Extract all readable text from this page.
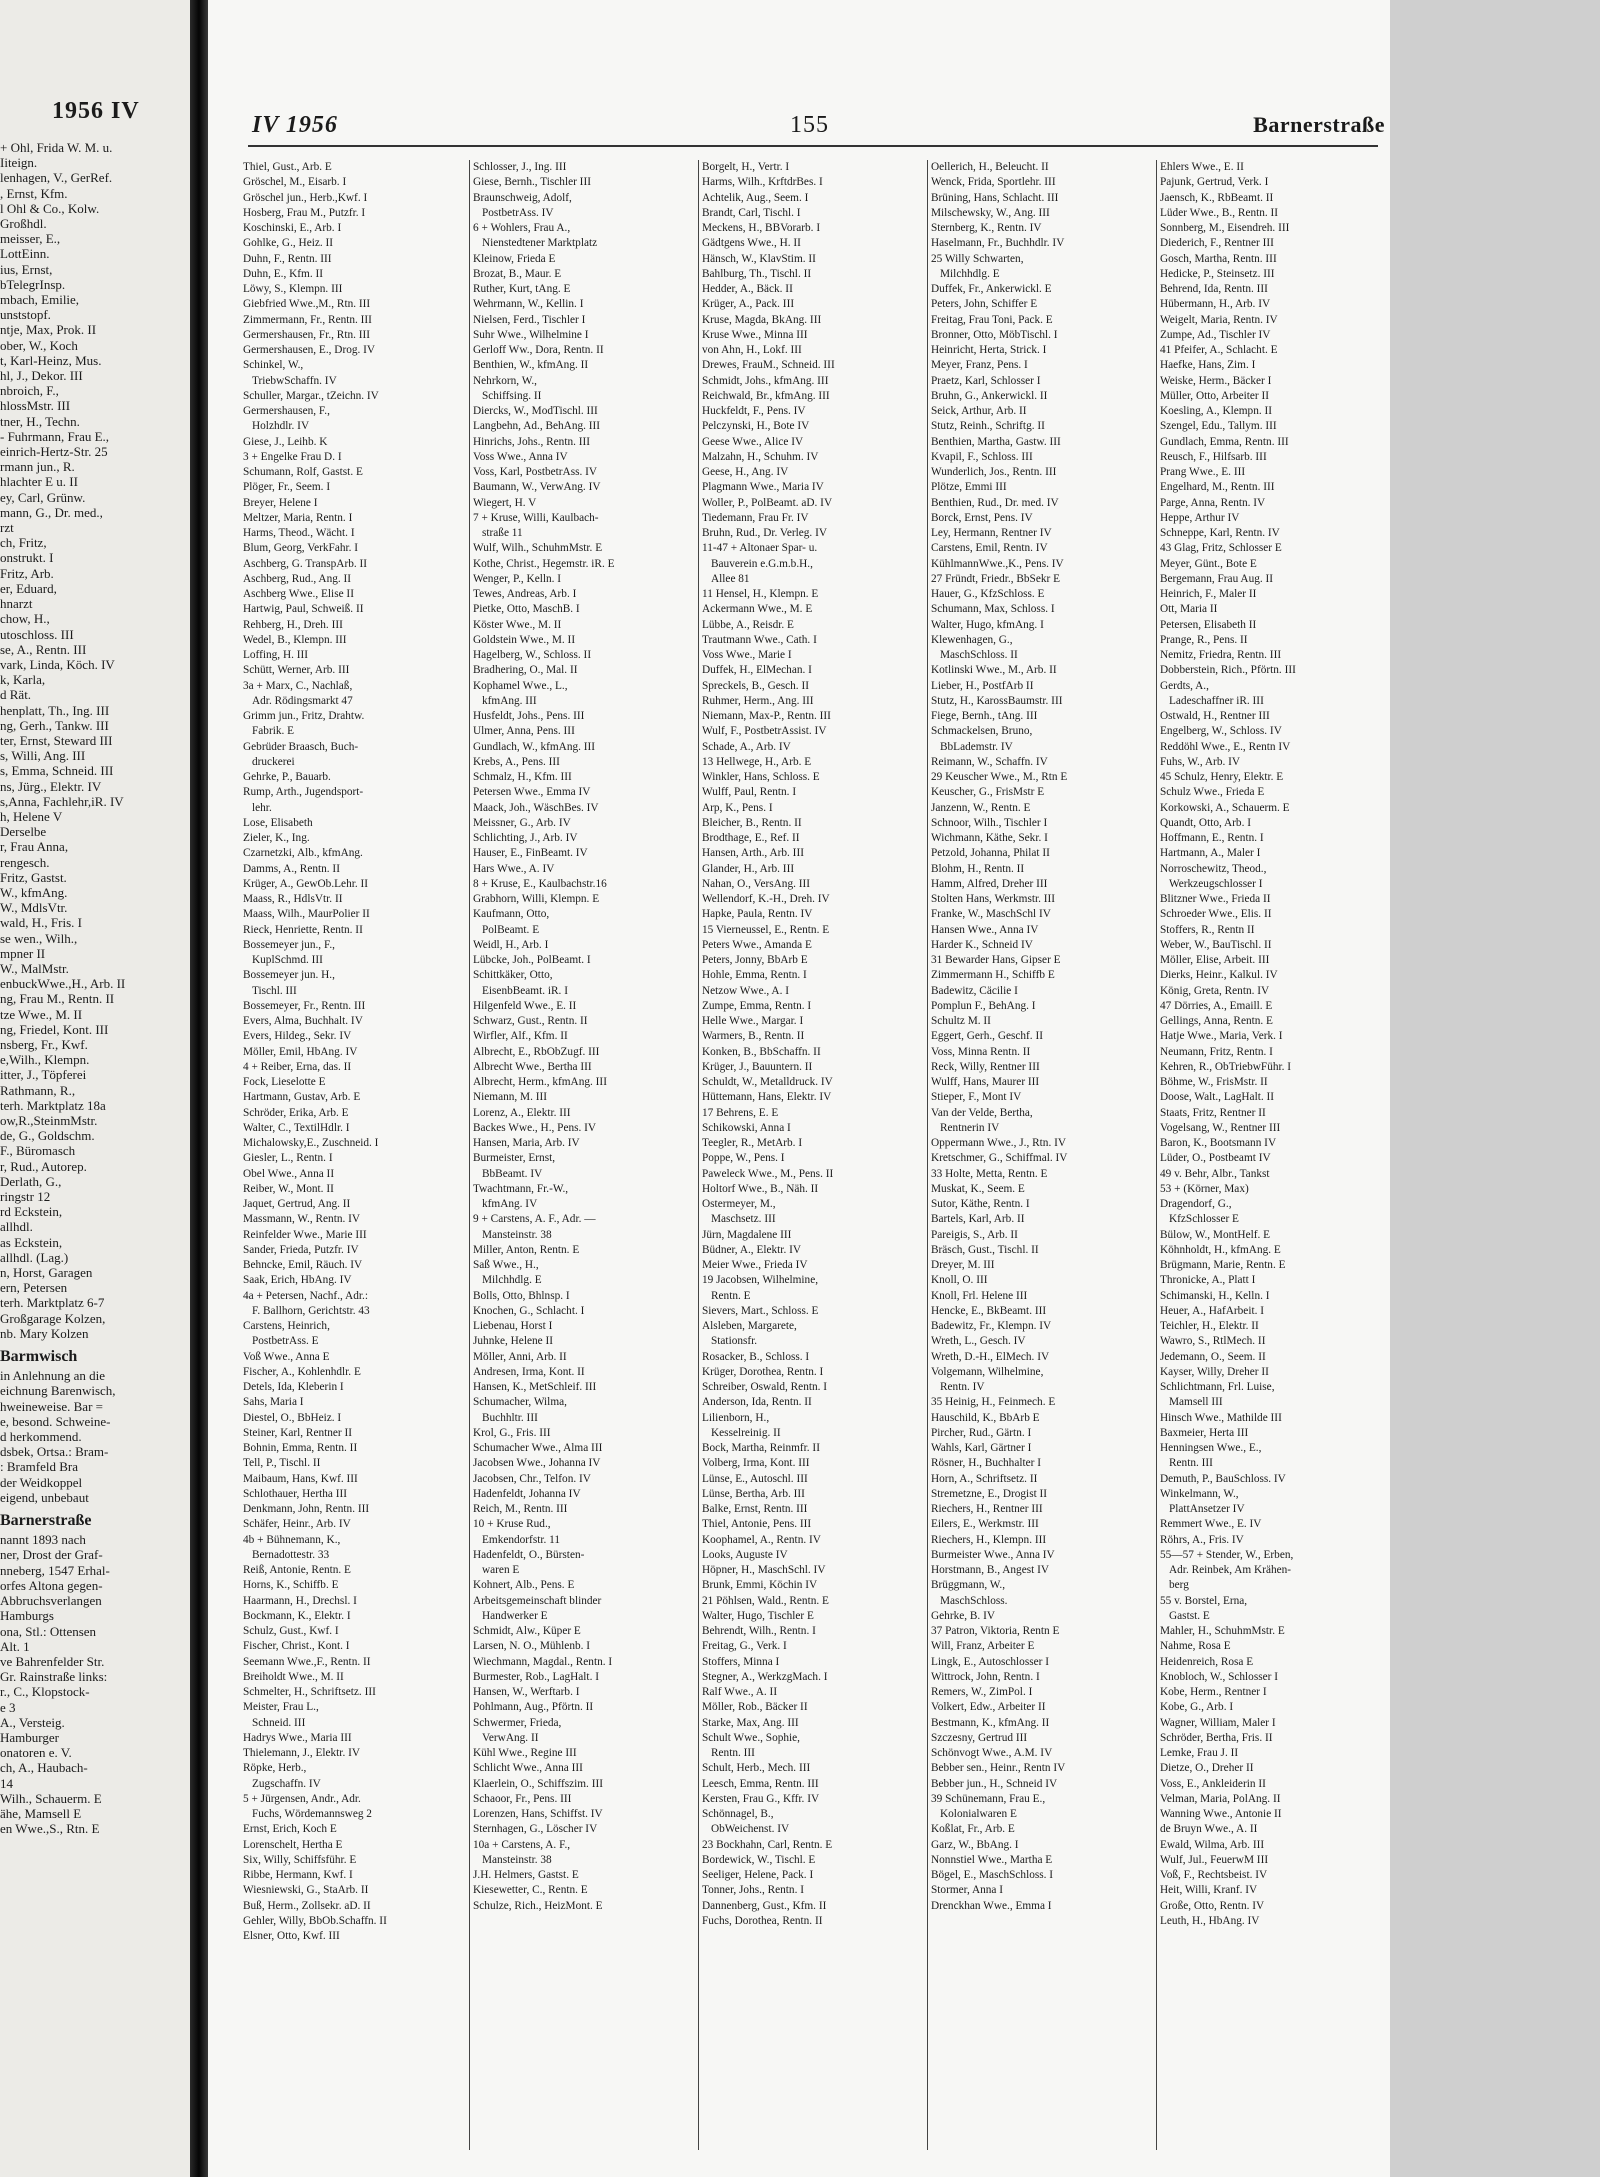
1956 IV
+ Ohl, Frida W. M. u.
Iiteign.
lenhagen, V., GerRef.
, Ernst, Kfm.
l Ohl & Co., Kolw.
Großhdl.
meisser, E.,
LottEinn.
ius, Ernst,
bTelegrInsp.
mbach, Emilie,
unststopf.
ntje, Max, Prok. II
ober, W., Koch
t, Karl-Heinz, Mus.
hl, J., Dekor. III
nbroich, F.,
hlossMstr. III
tner, H., Techn.
- Fuhrmann, Frau E.,
einrich-Hertz-Str. 25
rmann jun., R.
hlachter E u. II
ey, Carl, Grünw.
mann, G., Dr. med.,
rzt
ch, Fritz,
onstrukt. I
Fritz, Arb.
er, Eduard,
hnarzt
chow, H.,
utoschloss. III
se, A., Rentn. III
vark, Linda, Köch. IV
k, Karla,
d Rät.
henplatt, Th., Ing. III
ng, Gerh., Tankw. III
ter, Ernst, Steward III
s, Willi, Ang. III
s, Emma, Schneid. III
ns, Jürg., Elektr. IV
s,Anna, Fachlehr,iR. IV
h, Helene V
Derselbe
r, Frau Anna,
rengesch.
Fritz, Gastst.
W., kfmAng.
W., MdlsVtr.
wald, H., Fris. I
se wen., Wilh.,
mpner II
W., MalMstr.
enbuckWwe.,H., Arb. II
ng, Frau M., Rentn. II
tze Wwe., M. II
ng, Friedel, Kont. III
nsberg, Fr., Kwf.
e,Wilh., Klempn.
itter, J., Töpferei
Rathmann, R.,
terh. Marktplatz 18a
ow,R.,SteinmMstr.
de, G., Goldschm.
F., Büromasch
r, Rud., Autorep.
Derlath, G.,
ringstr 12
rd Eckstein,
allhdl.
as Eckstein,
allhdl. (Lag.)
n, Horst, Garagen
ern, Petersen
terh. Marktplatz 6-7
Großgarage Kolzen,
nb. Mary Kolzen
Barmwisch
in Anlehnung an die
eichnung Barenwisch,
hweineweise. Bar =
e, besond. Schweine-
d herkommend.
dsbek, Ortsa.: Bram-
: Bramfeld Bra
der Weidkoppel
eigend, unbebaut
Barnerstraße
nannt 1893 nach
ner, Drost der Graf-
nneberg, 1547 Erhal-
orfes Altona gegen-
Abbruchsverlangen
Hamburgs
ona, Stl.: Ottensen
Alt. 1
ve Bahrenfelder Str.
Gr. Rainstraße links:
r., C., Klopstock-
e 3
A., Versteig.
Hamburger
onatoren e. V.
ch, A., Haubach-
14
Wilh., Schauerm. E
ähe, Mamsell E
en Wwe.,S., Rtn. E
IV 1956	155	Barnerstraße
Thiel, Gust., Arb. E
Gröschel, M., Eisarb. I
Gröschel jun., Herb.,Kwf. I
Hosberg, Frau M., Putzfr. I
Koschinski, E., Arb. I
Gohlke, G., Heiz. II
Duhn, F., Rentn. III
Duhn, E., Kfm. II
Löwy, S., Klempn. III
Giebfried Wwe.,M., Rtn. III
Zimmermann, Fr., Rentn. III
Germershausen, Fr., Rtn. III
Germershausen, E., Drog. IV
Schinkel, W.,
TriebwSchaffn. IV
Schuller, Margar., tZeichn. IV
Germershausen, F.,
Holzhdlr. IV
Giese, J., Leihb. K
3 + Engelke Frau D. I
Schumann, Rolf, Gastst. E
Plöger, Fr., Seem. I
Breyer, Helene I
Meltzer, Maria, Rentn. I
Harms, Theod., Wächt. I
Blum, Georg, VerkFahr. I
Aschberg, G. TranspArb. II
Aschberg, Rud., Ang. II
Aschberg Wwe., Elise II
Hartwig, Paul, Schweiß. II
Rehberg, H., Dreh. III
Wedel, B., Klempn. III
Loffing, H. III
Schütt, Werner, Arb. III
3a + Marx, C., Nachlaß,
Adr. Rödingsmarkt 47
Grimm jun., Fritz, Drahtw.
Fabrik. E
Gebrüder Braasch, Buch-
druckerei
Gehrke, P., Bauarb.
Rump, Arth., Jugendsport-
lehr.
Lose, Elisabeth
Zieler, K., Ing.
Czarnetzki, Alb., kfmAng.
Damms, A., Rentn. II
Krüger, A., GewOb.Lehr. II
Maass, R., HdlsVtr. II
Maass, Wilh., MaurPolier II
Rieck, Henriette, Rentn. II
Bossemeyer jun., F.,
KuplSchmd. III
Bossemeyer jun. H.,
Tischl. III
Bossemeyer, Fr., Rentn. III
Evers, Alma, Buchhalt. IV
Evers, Hildeg., Sekr. IV
Möller, Emil, HbAng. IV
4 + Reiber, Erna, das. II
Fock, Lieselotte E
Hartmann, Gustav, Arb. E
Schröder, Erika, Arb. E
Walter, C., TextilHdlr. I
Michalowsky,E., Zuschneid. I
Giesler, L., Rentn. I
Obel Wwe., Anna II
Reiber, W., Mont. II
Jaquet, Gertrud, Ang. II
Massmann, W., Rentn. IV
Reinfelder Wwe., Marie III
Sander, Frieda, Putzfr. IV
Behncke, Emil, Räuch. IV
Saak, Erich, HbAng. IV
4a + Petersen, Nachf., Adr.:
F. Ballhorn, Gerichtstr. 43
Carstens, Heinrich,
PostbetrAss. E
Voß Wwe., Anna E
Fischer, A., Kohlenhdlr. E
Detels, Ida, Kleberin I
Sahs, Maria I
Diestel, O., BbHeiz. I
Steiner, Karl, Rentner II
Bohnin, Emma, Rentn. II
Tell, P., Tischl. II
Maibaum, Hans, Kwf. III
Schlothauer, Hertha III
Denkmann, John, Rentn. III
Schäfer, Heinr., Arb. IV
4b + Bühnemann, K.,
Bernadottestr. 33
Reiß, Antonie, Rentn. E
Horns, K., Schiffb. E
Haarmann, H., Drechsl. I
Bockmann, K., Elektr. I
Schulz, Gust., Kwf. I
Fischer, Christ., Kont. I
Seemann Wwe.,F., Rentn. II
Breiholdt Wwe., M. II
Schmelter, H., Schriftsetz. III
Meister, Frau L.,
Schneid. III
Hadrys Wwe., Maria III
Thielemann, J., Elektr. IV
Röpke, Herb.,
Zugschaffn. IV
5 + Jürgensen, Andr., Adr.
Fuchs, Wördemannsweg 2
Ernst, Erich, Koch E
Lorenschelt, Hertha E
Six, Willy, Schiffsführ. E
Ribbe, Hermann, Kwf. I
Wiesniewski, G., StaArb. II
Buß, Herm., Zollsekr. aD. II
Gehler, Willy, BbOb.Schaffn. II
Elsner, Otto, Kwf. III
Schlosser, J., Ing. III
Giese, Bernh., Tischler III
Braunschweig, Adolf,
PostbetrAss. IV
6 + Wohlers, Frau A.,
Nienstedtener Marktplatz
Kleinow, Frieda E
Brozat, B., Maur. E
Ruther, Kurt, tAng. E
Wehrmann, W., Kellin. I
Nielsen, Ferd., Tischler I
Suhr Wwe., Wilhelmine I
Gerloff Ww., Dora, Rentn. II
Benthien, W., kfmAng. II
Nehrkorn, W.,
Schiffsing. II
Diercks, W., ModTischl. III
Langbehn, Ad., BehAng. III
Hinrichs, Johs., Rentn. III
Voss Wwe., Anna IV
Voss, Karl, PostbetrAss. IV
Baumann, W., VerwAng. IV
Wiegert, H. V
7 + Kruse, Willi, Kaulbach-
straße 11
Wulf, Wilh., SchuhmMstr. E
Kothe, Christ., Hegemstr. iR. E
Wenger, P., Kelln. I
Tewes, Andreas, Arb. I
Pietke, Otto, MaschB. I
Köster Wwe., M. II
Goldstein Wwe., M. II
Hagelberg, W., Schloss. II
Bradhering, O., Mal. II
Kophamel Wwe., L.,
kfmAng. III
Husfeldt, Johs., Pens. III
Ulmer, Anna, Pens. III
Gundlach, W., kfmAng. III
Krebs, A., Pens. III
Schmalz, H., Kfm. III
Petersen Wwe., Emma IV
Maack, Joh., WäschBes. IV
Meissner, G., Arb. IV
Schlichting, J., Arb. IV
Hauser, E., FinBeamt. IV
Hars Wwe., A. IV
8 + Kruse, E., Kaulbachstr.16
Grabhorn, Willi, Klempn. E
Kaufmann, Otto,
PolBeamt. E
Weidl, H., Arb. I
Lübcke, Joh., PolBeamt. I
Schittkäker, Otto,
EisenbBeamt. iR. I
Hilgenfeld Wwe., E. II
Schwarz, Gust., Rentn. II
Wirfler, Alf., Kfm. II
Albrecht, E., RbObZugf. III
Albrecht Wwe., Bertha III
Albrecht, Herm., kfmAng. III
Niemann, M. III
Lorenz, A., Elektr. III
Backes Wwe., H., Pens. IV
Hansen, Maria, Arb. IV
Burmeister, Ernst,
BbBeamt. IV
Twachtmann, Fr.-W.,
kfmAng. IV
9 + Carstens, A. F., Adr. —
Mansteinstr. 38
Miller, Anton, Rentn. E
Saß Wwe., H.,
Milchhdlg. E
Bolls, Otto, Bhlnsp. I
Knochen, G., Schlacht. I
Liebenau, Horst I
Juhnke, Helene II
Möller, Anni, Arb. II
Andresen, Irma, Kont. II
Hansen, K., MetSchleif. III
Schumacher, Wilma,
Buchhltr. III
Krol, G., Fris. III
Schumacher Wwe., Alma III
Jacobsen Wwe., Johanna IV
Jacobsen, Chr., Telfon. IV
Hadenfeldt, Johanna IV
Reich, M., Rentn. III
10 + Kruse Rud.,
Emkendorfstr. 11
Hadenfeldt, O., Bürsten-
waren E
Kohnert, Alb., Pens. E
Arbeitsgemeinschaft blinder
Handwerker E
Schmidt, Alw., Küper E
Larsen, N. O., Mühlenb. I
Wiechmann, Magdal., Rentn. I
Burmester, Rob., LagHalt. I
Hansen, W., Werftarb. I
Pohlmann, Aug., Pförtn. II
Schwermer, Frieda,
VerwAng. II
Kühl Wwe., Regine III
Schlicht Wwe., Anna III
Klaerlein, O., Schiffszim. III
Schaoor, Fr., Pens. III
Lorenzen, Hans, Schiffst. IV
Sternhagen, G., Löscher IV
10a + Carstens, A. F.,
Mansteinstr. 38
J.H. Helmers, Gastst. E
Kiesewetter, C., Rentn. E
Schulze, Rich., HeizMont. E
Borgelt, H., Vertr. I
Harms, Wilh., KrftdrBes. I
Achtelik, Aug., Seem. I
Brandt, Carl, Tischl. I
Meckens, H., BBVorarb. I
Gädtgens Wwe., H. II
Hänsch, W., KlavStim. II
Bahlburg, Th., Tischl. II
Hedder, A., Bäck. II
Krüger, A., Pack. III
Kruse, Magda, BkAng. III
Kruse Wwe., Minna III
von Ahn, H., Lokf. III
Drewes, FrauM., Schneid. III
Schmidt, Johs., kfmAng. III
Reichwald, Br., kfmAng. III
Huckfeldt, F., Pens. IV
Pelczynski, H., Bote IV
Geese Wwe., Alice IV
Malzahn, H., Schuhm. IV
Geese, H., Ang. IV
Plagmann Wwe., Maria IV
Woller, P., PolBeamt. aD. IV
Tiedemann, Frau Fr. IV
Bruhn, Rud., Dr. Verleg. IV
11-47 + Altonaer Spar- u.
Bauverein e.G.m.b.H.,
Allee 81
11 Hensel, H., Klempn. E
Ackermann Wwe., M. E
Lübbe, A., Reisdr. E
Trautmann Wwe., Cath. I
Voss Wwe., Marie I
Duffek, H., ElMechan. I
Spreckels, B., Gesch. II
Ruhmer, Herm., Ang. III
Niemann, Max-P., Rentn. III
Wulf, F., PostbetrAssist. IV
Schade, A., Arb. IV
13 Hellwege, H., Arb. E
Winkler, Hans, Schloss. E
Wulff, Paul, Rentn. I
Arp, K., Pens. I
Bleicher, B., Rentn. II
Brodthage, E., Ref. II
Hansen, Arth., Arb. III
Glander, H., Arb. III
Nahan, O., VersAng. III
Wellendorf, K.-H., Dreh. IV
Hapke, Paula, Rentn. IV
15 Vierneussel, E., Rentn. E
Peters Wwe., Amanda E
Peters, Jonny, BbArb E
Hohle, Emma, Rentn. I
Netzow Wwe., A. I
Zumpe, Emma, Rentn. I
Helle Wwe., Margar. I
Warmers, B., Rentn. II
Konken, B., BbSchaffn. II
Krüger, J., Bauuntern. II
Schuldt, W., Metalldruck. IV
Hüttemann, Hans, Elektr. IV
17 Behrens, E. E
Schikowski, Anna I
Teegler, R., MetArb. I
Poppe, W., Pens. I
Paweleck Wwe., M., Pens. II
Holtorf Wwe., B., Näh. II
Ostermeyer, M.,
Maschsetz. III
Jürn, Magdalene III
Büdner, A., Elektr. IV
Meier Wwe., Frieda IV
19 Jacobsen, Wilhelmine,
Rentn. E
Sievers, Mart., Schloss. E
Alsleben, Margarete,
Stationsfr.
Rosacker, B., Schloss. I
Krüger, Dorothea, Rentn. I
Schreiber, Oswald, Rentn. I
Anderson, Ida, Rentn. II
Lilienborn, H.,
Kesselreinig. II
Bock, Martha, Reinmfr. II
Volberg, Irma, Kont. III
Lünse, E., Autoschl. III
Lünse, Bertha, Arb. III
Balke, Ernst, Rentn. III
Thiel, Antonie, Pens. III
Koophamel, A., Rentn. IV
Looks, Auguste IV
Höpner, H., MaschSchl. IV
Brunk, Emmi, Köchin IV
21 Pöhlsen, Wald., Rentn. E
Walter, Hugo, Tischler E
Behrendt, Wilh., Rentn. I
Freitag, G., Verk. I
Stoffers, Minna I
Stegner, A., WerkzgMach. I
Ralf Wwe., A. II
Möller, Rob., Bäcker II
Starke, Max, Ang. III
Schult Wwe., Sophie,
Rentn. III
Schult, Herb., Mech. III
Leesch, Emma, Rentn. III
Kersten, Frau G., Kffr. IV
Schönnagel, B.,
ObWeichenst. IV
23 Bockhahn, Carl, Rentn. E
Bordewick, W., Tischl. E
Seeliger, Helene, Pack. I
Tonner, Johs., Rentn. I
Dannenberg, Gust., Kfm. II
Fuchs, Dorothea, Rentn. II
Oellerich, H., Beleucht. II
Wenck, Frida, Sportlehr. III
Brüning, Hans, Schlacht. III
Milschewsky, W., Ang. III
Sternberg, K., Rentn. IV
Haselmann, Fr., Buchhdlr. IV
25 Willy Schwarten,
Milchhdlg. E
Duffek, Fr., Ankerwickl. E
Peters, John, Schiffer E
Freitag, Frau Toni, Pack. E
Bronner, Otto, MöbTischl. I
Heinricht, Herta, Strick. I
Meyer, Franz, Pens. I
Praetz, Karl, Schlosser I
Bruhn, G., Ankerwickl. II
Seick, Arthur, Arb. II
Stutz, Reinh., Schriftg. II
Benthien, Martha, Gastw. III
Kvapil, F., Schloss. III
Wunderlich, Jos., Rentn. III
Plötze, Emmi III
Benthien, Rud., Dr. med. IV
Borck, Ernst, Pens. IV
Ley, Hermann, Rentner IV
Carstens, Emil, Rentn. IV
KühlmannWwe.,K., Pens. IV
27 Fründt, Friedr., BbSekr E
Hauer, G., KfzSchloss. E
Schumann, Max, Schloss. I
Walter, Hugo, kfmAng. I
Klewenhagen, G.,
MaschSchloss. II
Kotlinski Wwe., M., Arb. II
Lieber, H., PostfArb II
Stutz, H., KarossBaumstr. III
Fiege, Bernh., tAng. III
Schmackelsen, Bruno,
BbLademstr. IV
Reimann, W., Schaffn. IV
29 Keuscher Wwe., M., Rtn E
Keuscher, G., FrisMstr E
Janzenn, W., Rentn. E
Schnoor, Wilh., Tischler I
Wichmann, Käthe, Sekr. I
Petzold, Johanna, Philat II
Blohm, H., Rentn. II
Hamm, Alfred, Dreher III
Stolten Hans, Werkmstr. III
Franke, W., MaschSchl IV
Hansen Wwe., Anna IV
Harder K., Schneid IV
31 Bewarder Hans, Gipser E
Zimmermann H., Schiffb E
Badewitz, Cäcilie I
Pomplun F., BehAng. I
Schultz M. II
Eggert, Gerh., Geschf. II
Voss, Minna Rentn. II
Reck, Willy, Rentner III
Wulff, Hans, Maurer III
Stieper, F., Mont IV
Van der Velde, Bertha,
Rentnerin IV
Oppermann Wwe., J., Rtn. IV
Kretschmer, G., Schiffmal. IV
33 Holte, Metta, Rentn. E
Muskat, K., Seem. E
Sutor, Käthe, Rentn. I
Bartels, Karl, Arb. II
Pareigis, S., Arb. II
Bräsch, Gust., Tischl. II
Dreyer, M. III
Knoll, O. III
Knoll, Frl. Helene III
Hencke, E., BkBeamt. III
Badewitz, Fr., Klempn. IV
Wreth, L., Gesch. IV
Wreth, D.-H., ElMech. IV
Volgemann, Wilhelmine,
Rentn. IV
35 Heinig, H., Feinmech. E
Hauschild, K., BbArb E
Pircher, Rud., Gärtn. I
Wahls, Karl, Gärtner I
Rösner, H., Buchhalter I
Horn, A., Schriftsetz. II
Stremetzne, E., Drogist II
Riechers, H., Rentner III
Eilers, E., Werkmstr. III
Riechers, H., Klempn. III
Burmeister Wwe., Anna IV
Horstmann, B., Angest IV
Brüggmann, W.,
MaschSchloss.
Gehrke, B. IV
37 Patron, Viktoria, Rentn E
Will, Franz, Arbeiter E
Lingk, E., Autoschlosser I
Wittrock, John, Rentn. I
Remers, W., ZimPol. I
Volkert, Edw., Arbeiter II
Bestmann, K., kfmAng. II
Szczesny, Gertrud III
Schönvogt Wwe., A.M. IV
Bebber sen., Heinr., Rentn IV
Bebber jun., H., Schneid IV
39 Schünemann, Frau E.,
Kolonialwaren E
Koßlat, Fr., Arb. E
Garz, W., BbAng. I
Nonnstiel Wwe., Martha E
Bögel, E., MaschSchloss. I
Stormer, Anna I
Drenckhan Wwe., Emma I
Ehlers Wwe., E. II
Pajunk, Gertrud, Verk. I
Jaensch, K., RbBeamt. II
Lüder Wwe., B., Rentn. II
Sonnberg, M., Eisendreh. III
Diederich, F., Rentner III
Gosch, Martha, Rentn. III
Hedicke, P., Steinsetz. III
Behrend, Ida, Rentn. III
Hübermann, H., Arb. IV
Weigelt, Maria, Rentn. IV
Zumpe, Ad., Tischler IV
41 Pfeifer, A., Schlacht. E
Haefke, Hans, Zim. I
Weiske, Herm., Bäcker I
Müller, Otto, Arbeiter II
Koesling, A., Klempn. II
Szengel, Edu., Tallym. III
Gundlach, Emma, Rentn. III
Reusch, F., Hilfsarb. III
Prang Wwe., E. III
Engelhard, M., Rentn. III
Parge, Anna, Rentn. IV
Heppe, Arthur IV
Schneppe, Karl, Rentn. IV
43 Glag, Fritz, Schlosser E
Meyer, Günt., Bote E
Bergemann, Frau Aug. II
Heinrich, F., Maler II
Ott, Maria II
Petersen, Elisabeth II
Prange, R., Pens. II
Nemitz, Friedra, Rentn. III
Dobberstein, Rich., Pförtn. III
Gerdts, A.,
Ladeschaffner iR. III
Ostwald, H., Rentner III
Engelberg, W., Schloss. IV
Reddöhl Wwe., E., Rentn IV
Fuhs, W., Arb. IV
45 Schulz, Henry, Elektr. E
Schulz Wwe., Frieda E
Korkowski, A., Schauerm. E
Quandt, Otto, Arb. I
Hoffmann, E., Rentn. I
Hartmann, A., Maler I
Norroschewitz, Theod.,
Werkzeugschlosser I
Blitzner Wwe., Frieda II
Schroeder Wwe., Elis. II
Stoffers, R., Rentn II
Weber, W., BauTischl. II
Möller, Elise, Arbeit. III
Dierks, Heinr., Kalkul. IV
König, Greta, Rentn. IV
47 Dörries, A., Emaill. E
Gellings, Anna, Rentn. E
Hatje Wwe., Maria, Verk. I
Neumann, Fritz, Rentn. I
Kehren, R., ObTriebwFühr. I
Böhme, W., FrisMstr. II
Doose, Walt., LagHalt. II
Staats, Fritz, Rentner II
Vogelsang, W., Rentner III
Baron, K., Bootsmann IV
Lüder, O., Postbeamt IV
49 v. Behr, Albr., Tankst
53 + (Körner, Max)
Dragendorf, G.,
KfzSchlosser E
Bülow, W., MontHelf. E
Köhnholdt, H., kfmAng. E
Brügmann, Marie, Rentn. E
Thronicke, A., Platt I
Schimanski, H., Kelln. I
Heuer, A., HafArbeit. I
Teichler, H., Elektr. II
Wawro, S., RtlMech. II
Jedemann, O., Seem. II
Kayser, Willy, Dreher II
Schlichtmann, Frl. Luise,
Mamsell III
Hinsch Wwe., Mathilde III
Baxmeier, Herta III
Henningsen Wwe., E.,
Rentn. III
Demuth, P., BauSchloss. IV
Winkelmann, W.,
PlattAnsetzer IV
Remmert Wwe., E. IV
Röhrs, A., Fris. IV
55—57 + Stender, W., Erben,
Adr. Reinbek, Am Krähen-
berg
55 v. Borstel, Erna,
Gastst. E
Mahler, H., SchuhmMstr. E
Nahme, Rosa E
Heidenreich, Rosa E
Knobloch, W., Schlosser I
Kobe, Herm., Rentner I
Kobe, G., Arb. I
Wagner, William, Maler I
Schröder, Bertha, Fris. II
Lemke, Frau J. II
Dietze, O., Dreher II
Voss, E., Ankleiderin II
Velman, Maria, PolAng. II
Wanning Wwe., Antonie II
de Bruyn Wwe., A. II
Ewald, Wilma, Arb. III
Wulf, Jul., FeuerwM III
Voß, F., Rechtsbeist. IV
Heit, Willi, Kranf. IV
Große, Otto, Rentn. IV
Leuth, H., HbAng. IV
